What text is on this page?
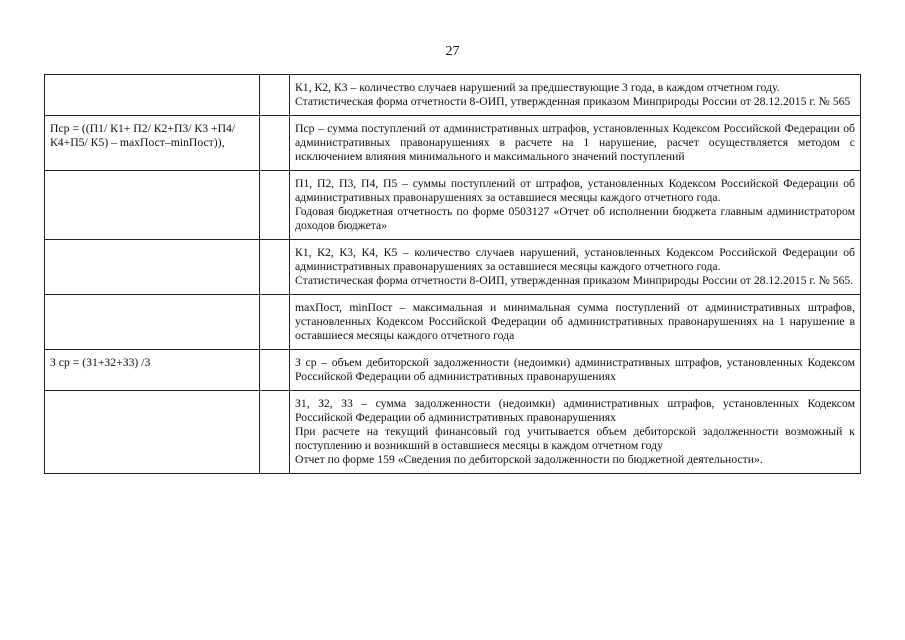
27

		К1, К2, К3 – количество случаев нарушений за предшествующие 3 года, в каждом отчетном году.
Статистическая форма отчетности 8-ОИП, утвержденная приказом Минприроды России от 28.12.2015 г. № 565

Пср = ((П1/ К1+ П2/ К2+П3/ К3 +П4/ К4+П5/ К5) – maxПост–minПост)),		Пср – сумма поступлений от административных штрафов, установленных Кодексом Российской Федерации об административных правонарушениях в расчете на 1 нарушение, расчет осуществляется методом с исключением влияния минимального и максимального значений поступлений

		П1, П2, П3, П4, П5 – суммы поступлений от штрафов, установленных Кодексом Российской Федерации об административных правонарушениях за оставшиеся месяцы каждого отчетного года.
Годовая бюджетная отчетность по форме 0503127 «Отчет об исполнении бюджета главным администратором доходов бюджета»

		К1, К2, К3, К4, К5 – количество случаев нарушений, установленных Кодексом Российской Федерации об административных правонарушениях за оставшиеся месяцы каждого отчетного года.
Статистическая форма отчетности 8-ОИП, утвержденная приказом Минприроды России от 28.12.2015 г. № 565.

		maxПост, minПост – максимальная и минимальная сумма поступлений от административных штрафов, установленных Кодексом Российской Федерации об административных правонарушениях на 1 нарушение в оставшиеся месяцы каждого отчетного года

З ср = (З1+З2+З3) /3		З ср – объем дебиторской задолженности (недоимки) административных штрафов, установленных Кодексом Российской Федерации об административных правонарушениях

		З1, З2, З3 – сумма задолженности (недоимки) административных штрафов, установленных Кодексом Российской Федерации об административных правонарушениях
При расчете на текущий финансовый год учитывается объем дебиторской задолженности возможный к поступлению и возникший в оставшиеся месяцы в каждом отчетном году
Отчет по форме 159 «Сведения по дебиторской задолженности по бюджетной деятельности».
